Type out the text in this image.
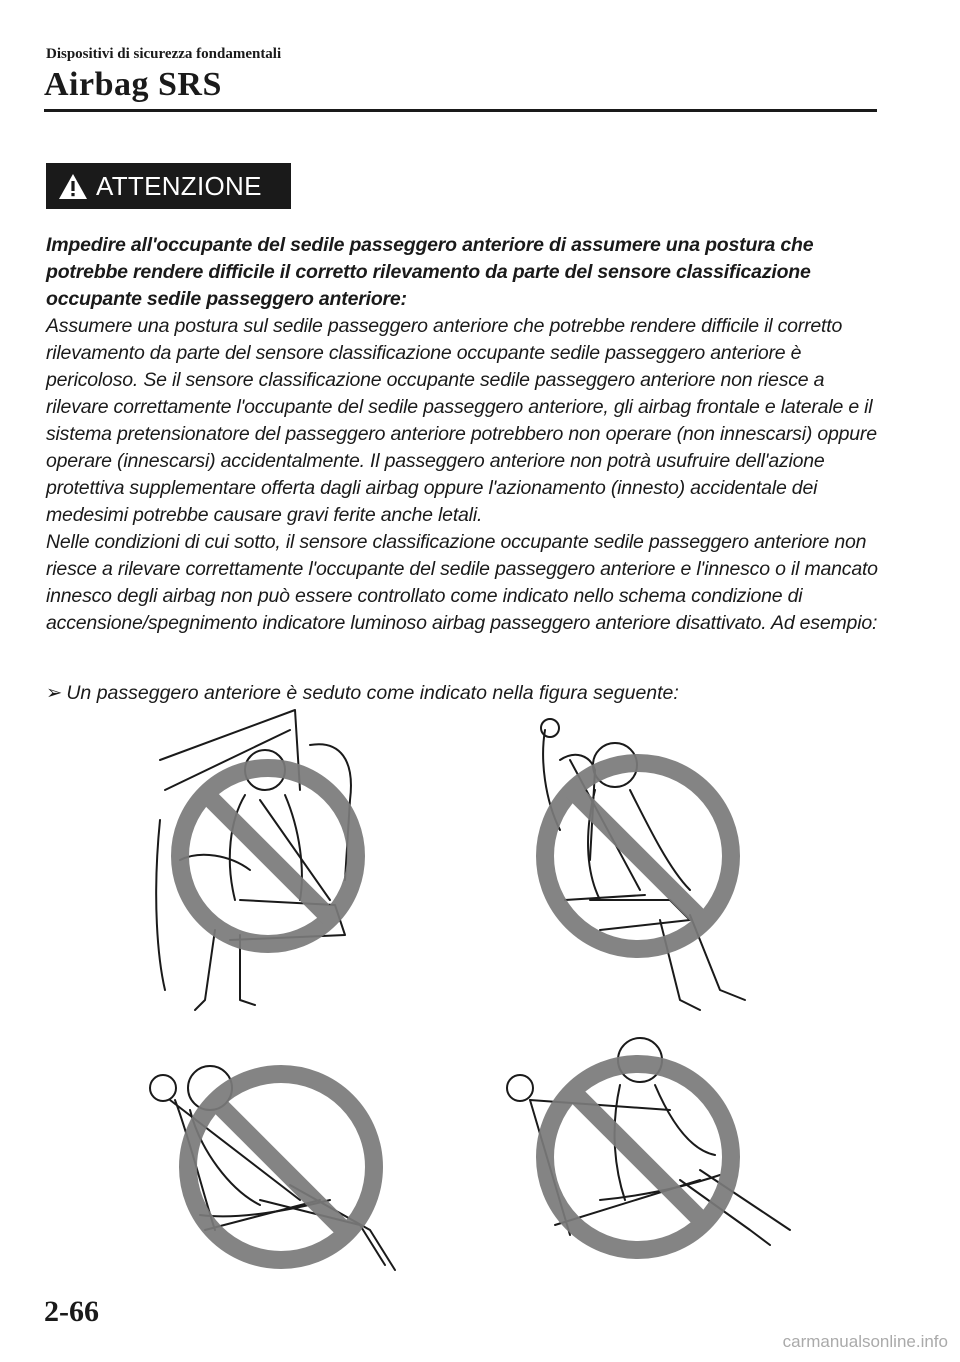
Dispositivi di sicurezza fondamentali
Airbag SRS
ATTENZIONE

Impedire all'occupante del sedile passeggero anteriore di assumere una postura che potrebbe rendere difficile il corretto rilevamento da parte del sensore classificazione occupante sedile passeggero anteriore:

Assumere una postura sul sedile passeggero anteriore che potrebbe rendere difficile il corretto rilevamento da parte del sensore classificazione occupante sedile passeggero anteriore è pericoloso. Se il sensore classificazione occupante sedile passeggero anteriore non riesce a rilevare correttamente l'occupante del sedile passeggero anteriore, gli airbag frontale e laterale e il sistema pretensionatore del passeggero anteriore potrebbero non operare (non innescarsi) oppure operare (innescarsi) accidentalmente. Il passeggero anteriore non potrà usufruire dell'azione protettiva supplementare offerta dagli airbag oppure l'azionamento (innesto) accidentale dei medesimi potrebbe causare gravi ferite anche letali.

Nelle condizioni di cui sotto, il sensore classificazione occupante sedile passeggero anteriore non riesce a rilevare correttamente l'occupante del sedile passeggero anteriore e l'innesco o il mancato innesco degli airbag non può essere controllato come indicato nello schema condizione di accensione/spegnimento indicatore luminoso airbag passeggero anteriore disattivato. Ad esempio:

➢ Un passeggero anteriore è seduto come indicato nella figura seguente:
2-66
carmanualsonline.info
